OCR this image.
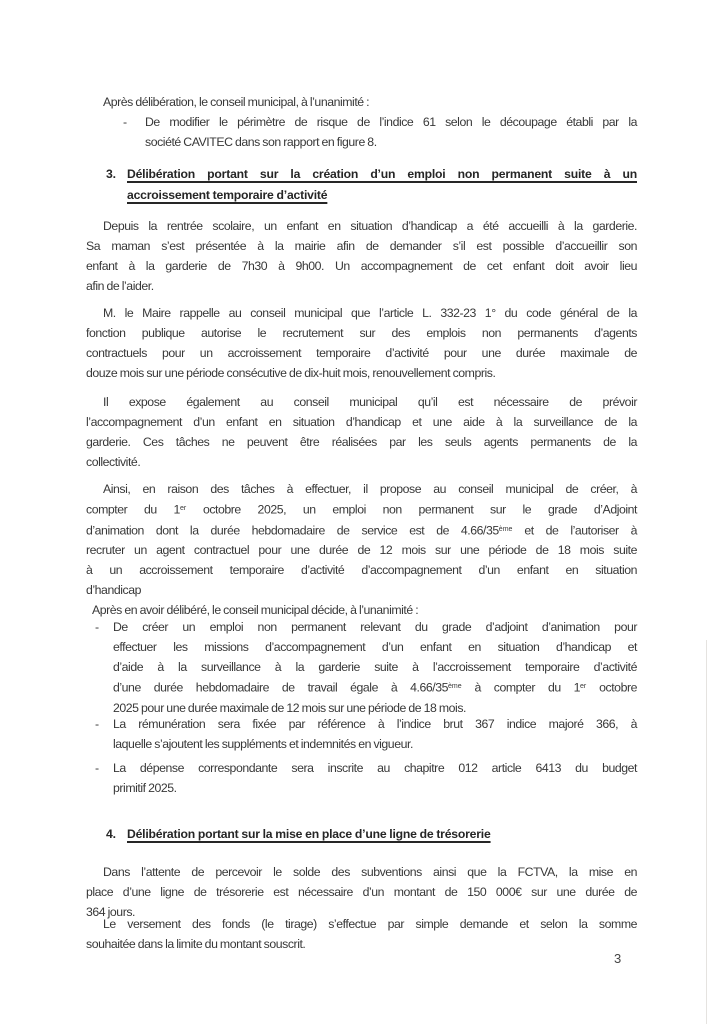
Après délibération, le conseil municipal, à l’unanimité :
- De modifier le périmètre de risque de l’indice 61 selon le découpage établi par la
société CAVITEC dans son rapport en figure 8.
3. Délibération portant sur la création d’un emploi non permanent suite à un
accroissement temporaire d’activité
Depuis la rentrée scolaire, un enfant en situation d’handicap a été accueilli à la garderie.
Sa maman s’est présentée à la mairie afin de demander s’il est possible d’accueillir son
enfant à la garderie de 7h30 à 9h00. Un accompagnement de cet enfant doit avoir lieu
afin de l’aider.
M. le Maire rappelle au conseil municipal que l’article L. 332-23 1° du code général de la
fonction publique autorise le recrutement sur des emplois non permanents d’agents
contractuels pour un accroissement temporaire d’activité pour une durée maximale de
douze mois sur une période consécutive de dix-huit mois, renouvellement compris.
Il expose également au conseil municipal qu’il est nécessaire de prévoir
l’accompagnement d’un enfant en situation d’handicap et une aide à la surveillance de la
garderie. Ces tâches ne peuvent être réalisées par les seuls agents permanents de la
collectivité.
Ainsi, en raison des tâches à effectuer, il propose au conseil municipal de créer, à
compter du 1er octobre 2025, un emploi non permanent sur le grade d’Adjoint
d’animation dont la durée hebdomadaire de service est de 4.66/35ème et de l’autoriser à
recruter un agent contractuel pour une durée de 12 mois sur une période de 18 mois suite
à un accroissement temporaire d’activité d’accompagnement d’un enfant en situation
d’handicap
Après en avoir délibéré, le conseil municipal décide, à l’unanimité :
- De créer un emploi non permanent relevant du grade d’adjoint d’animation pour
effectuer les missions d’accompagnement d’un enfant en situation d’handicap et
d’aide à la surveillance à la garderie suite à l’accroissement temporaire d’activité
d’une durée hebdomadaire de travail égale à 4.66/35ème à compter du 1er octobre
2025 pour une durée maximale de 12 mois sur une période de 18 mois.
- La rémunération sera fixée par référence à l’indice brut 367 indice majoré 366, à
laquelle s’ajoutent les suppléments et indemnités en vigueur.
- La dépense correspondante sera inscrite au chapitre 012 article 6413 du budget
primitif 2025.
4. Délibération portant sur la mise en place d’une ligne de trésorerie
Dans l’attente de percevoir le solde des subventions ainsi que la FCTVA, la mise en
place d’une ligne de trésorerie est nécessaire d’un montant de 150 000€ sur une durée de
364 jours.
Le versement des fonds (le tirage) s’effectue par simple demande et selon la somme
souhaitée dans la limite du montant souscrit.
3
